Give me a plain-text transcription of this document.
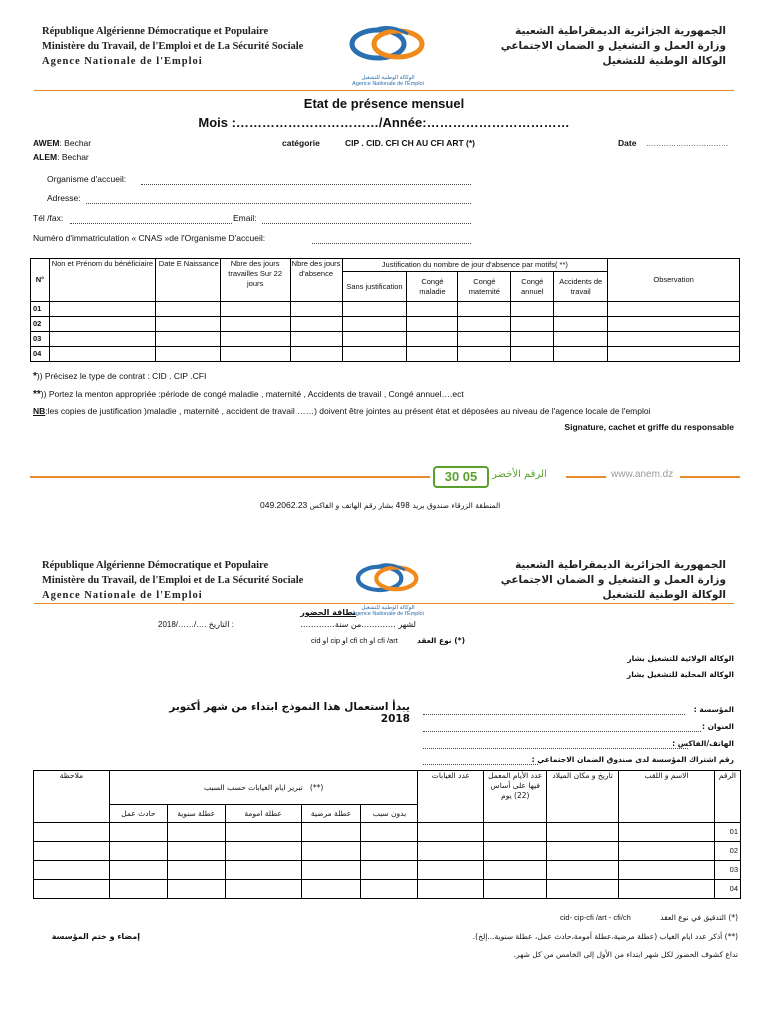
République Algérienne Démocratique et Populaire
Ministère du Travail, de l'Emploi et de La Sécurité Sociale
Agence Nationale de l'Emploi
الوكالة الوطنية للتشغيل
Agence Nationale de l'Emploi
الجمهورية الجزائرية الديمقراطية الشعبية
وزارة العمل و التشغيل و الضمان الاجتماعي
الوكالة الوطنية للتشغيل
Etat de présence mensuel
Mois :……………………………/Année:……………………………
AWEM: Bechar
ALEM: Bechar
catégorie	CIP . CID. CFI CH AU CFI ART (*)	Date ……………………………
Organisme d'accueil:
Adresse:
Tél /fax:	Email:
Numéro d'immatriculation « CNAS »de l'Organisme D'accueil:
N°	Non et Prénom du bénéficiaire	Date E Naissance	Nbre des jours travailles Sur 22 jours	Nbre des jours d'absence	Justification du nombre de jour d'absence par motifs( **)					Observation
					Sans justification	Congé maladie	Congé maternité	Congé annuel	Accidents de travail	
01										
02										
03										
04										
*)) Précisez le type de contrat : CID . CIP .CFI
**)) Portez la menton appropriée :période de congé maladie , maternité , Accidents de travail , Congé annuel….ect
NB:les copies de justification )maladie , maternité , accident de travail ……) doivent être jointes au présent état et déposées au niveau de l'agence locale de l'emploi
Signature, cachet et griffe du responsable
30 05	الرقم الأخضر	www.anem.dz
049.2062.23 المنطقة الزرقاء صندوق بريد 498 بشار رقم الهاتف و الفاكس
République Algérienne Démocratique et Populaire
Ministère du Travail, de l'Emploi et de La Sécurité Sociale
Agence Nationale de l'Emploi
الوكالة الوطنية للتشغيل
Agence Nationale de l'Emploi
الجمهورية الجزائرية الديمقراطية الشعبية
وزارة العمل و التشغيل و الضمان الاجتماعي
الوكالة الوطنية للتشغيل
بطاقة الحضور
لشهر ………….من سنة………….
2018/……/…. التاريخ :
cid او cip او cfi ch او cfi /art	(*) نوع العقد
الوكالة الولائية للتشغيل بشار
الوكالة المحلية للتشغيل بشار
يبدأ استعمال هذا النموذج ابتداء من شهر أكتوبر 2018
المؤسسة :
العنوان :
الهاتف/الفاكس :
رقم اشتراك المؤسسة لدى صندوق الضمان الاجتماعي :
ملاحظة	(**)   تبرير ايام الغيابات حسب السبب					عدد الغيابات	عدد الأيام المعمل فيها على أساس (22) يوم	تاريخ و مكان الميلاد	الاسم و اللقب	الرقم
	حادث عمل	عطلة سنوية	عطلة امومة	عطلة مرضية	بدون سبب					
										01
										02
										03
										04
cid- cip-cfi /art - cfi/ch	(*) التدقيق في نوع العقد
(**) أذكر عدد ايام الغياب (عطلة مرضية،عطلة أمومة،حادث عمل، عطلة سنوية...إلخ).
تداع كشوف الحضور لكل شهر ابتداء من الأول إلى الخامس من كل شهر.
إمضاء و ختم المؤسسة
